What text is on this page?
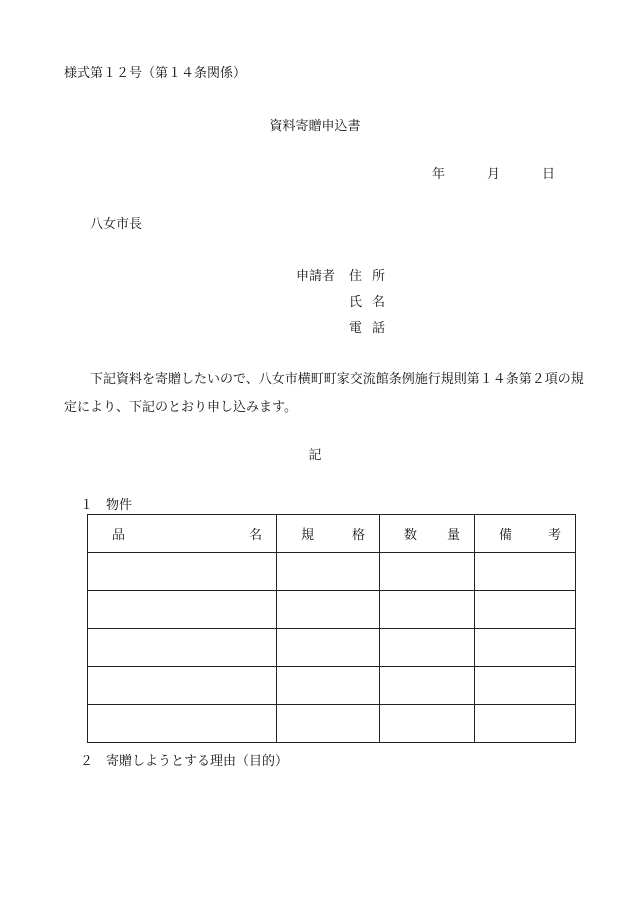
様式第１２号（第１４条関係）
資料寄贈申込書
年	月	日
八女市長
申請者 住所
氏名
電話
下記資料を寄贈したいので、八女市横町町家交流館条例施行規則第１４条第２項の規定により、下記のとおり申し込みます。
記
１　物件
品 名	規 格	数 量	備 考

２　寄贈しようとする理由（目的）
